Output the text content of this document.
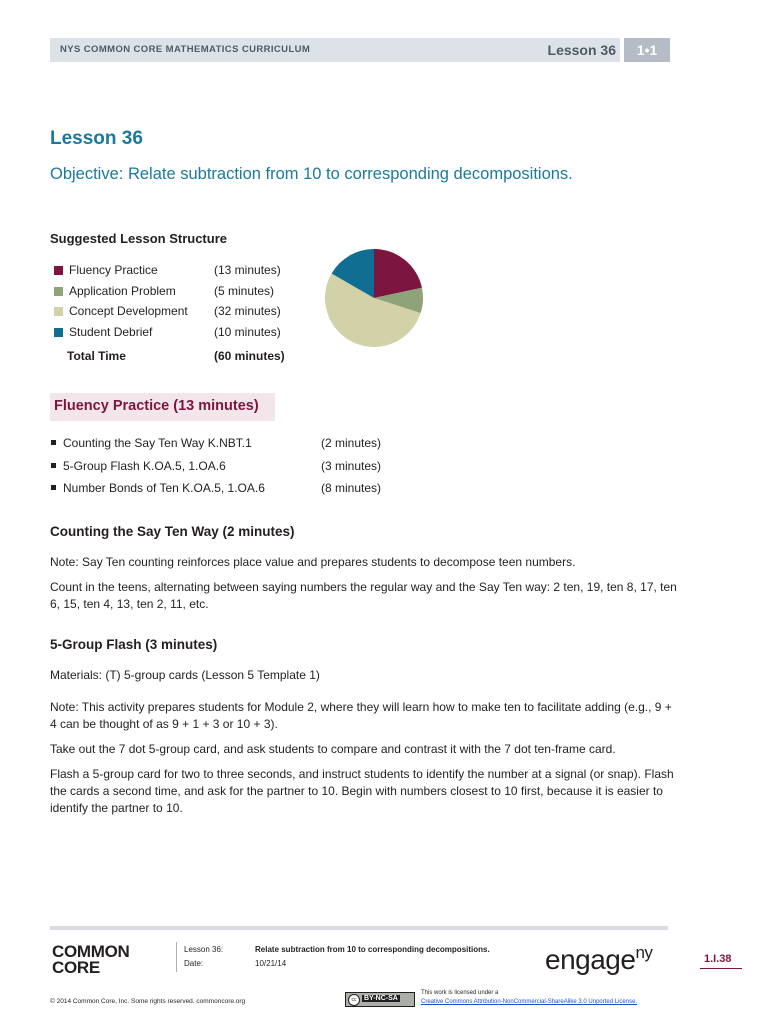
NYS COMMON CORE MATHEMATICS CURRICULUM	Lesson 36	1•1
Lesson 36
Objective: Relate subtraction from 10 to corresponding decompositions.
Suggested Lesson Structure
Fluency Practice	(13 minutes)
Application Problem	(5 minutes)
Concept Development (32 minutes)
Student Debrief	(10 minutes)
Total Time	(60 minutes)
Fluency Practice (13 minutes)
Counting the Say Ten Way K.NBT.1	(2 minutes)
5-Group Flash K.OA.5, 1.OA.6	(3 minutes)
Number Bonds of Ten K.OA.5, 1.OA.6	(8 minutes)
Counting the Say Ten Way (2 minutes)
Note: Say Ten counting reinforces place value and prepares students to decompose teen numbers.
Count in the teens, alternating between saying numbers the regular way and the Say Ten way: 2 ten, 19, ten 8, 17, ten 6, 15, ten 4, 13, ten 2, 11, etc.
5-Group Flash (3 minutes)
Materials: (T) 5-group cards (Lesson 5 Template 1)
Note: This activity prepares students for Module 2, where they will learn how to make ten to facilitate adding (e.g., 9 + 4 can be thought of as 9 + 1 + 3 or 10 + 3).
Take out the 7 dot 5-group card, and ask students to compare and contrast it with the 7 dot ten-frame card.
Flash a 5-group card for two to three seconds, and instruct students to identify the number at a signal (or snap). Flash the cards a second time, and ask for the partner to 10. Begin with numbers closest to 10 first, because it is easier to identify the partner to 10.
COMMON
CORE
Lesson 36:	Relate subtraction from 10 to corresponding decompositions.
Date:	10/21/14	engage$^{ny}$	1.I.38
© 2014 Common Core, Inc. Some rights reserved. commoncore.org	cc	BY-NC-SA
This work is licensed under a
Creative Commons Attribution-NonCommercial-ShareAlike 3.0 Unported License.
